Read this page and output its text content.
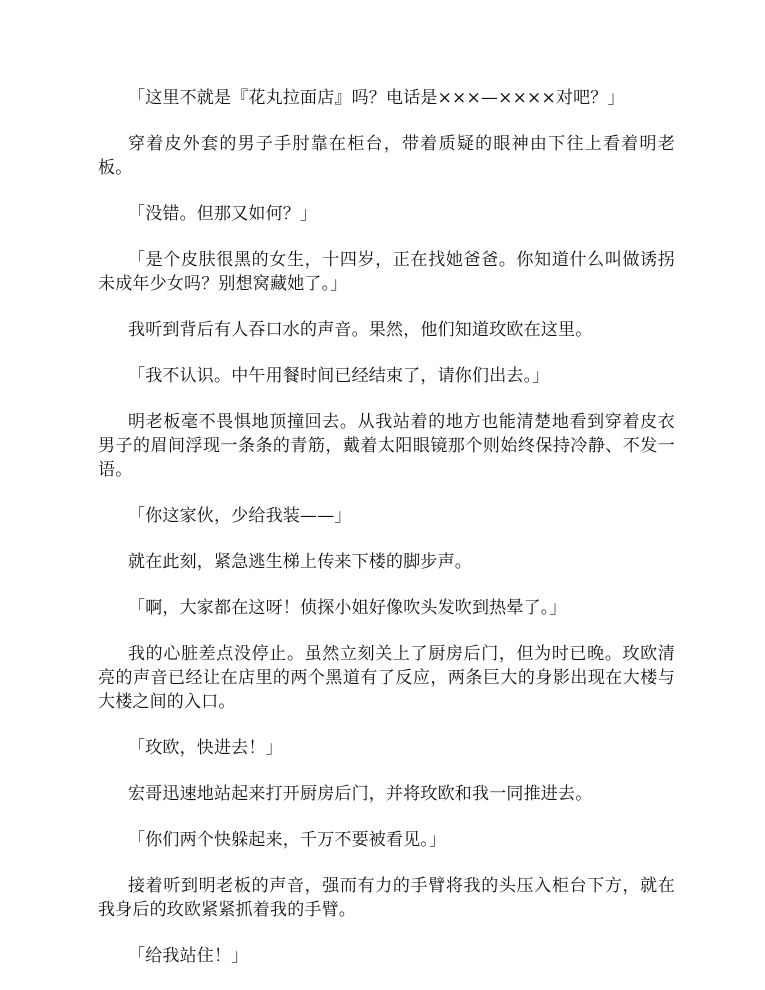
「这里不就是『花丸拉面店』吗？电话是×××—××××对吧？」

穿着皮外套的男子手肘靠在柜台，带着质疑的眼神由下往上看着明老板。

「没错。但那又如何？」

「是个皮肤很黑的女生，十四岁，正在找她爸爸。你知道什么叫做诱拐未成年少女吗？别想窝藏她了。」

我听到背后有人吞口水的声音。果然，他们知道玫欧在这里。

「我不认识。中午用餐时间已经结束了，请你们出去。」

明老板毫不畏惧地顶撞回去。从我站着的地方也能清楚地看到穿着皮衣男子的眉间浮现一条条的青筋，戴着太阳眼镜那个则始终保持冷静、不发一语。

「你这家伙，少给我装——」

就在此刻，紧急逃生梯上传来下楼的脚步声。

「啊，大家都在这呀！侦探小姐好像吹头发吹到热晕了。」

我的心脏差点没停止。虽然立刻关上了厨房后门，但为时已晚。玫欧清亮的声音已经让在店里的两个黑道有了反应，两条巨大的身影出现在大楼与大楼之间的入口。

「玫欧，快进去！」

宏哥迅速地站起来打开厨房后门，并将玫欧和我一同推进去。

「你们两个快躲起来，千万不要被看见。」

接着听到明老板的声音，强而有力的手臂将我的头压入柜台下方，就在我身后的玫欧紧紧抓着我的手臂。

「给我站住！」
